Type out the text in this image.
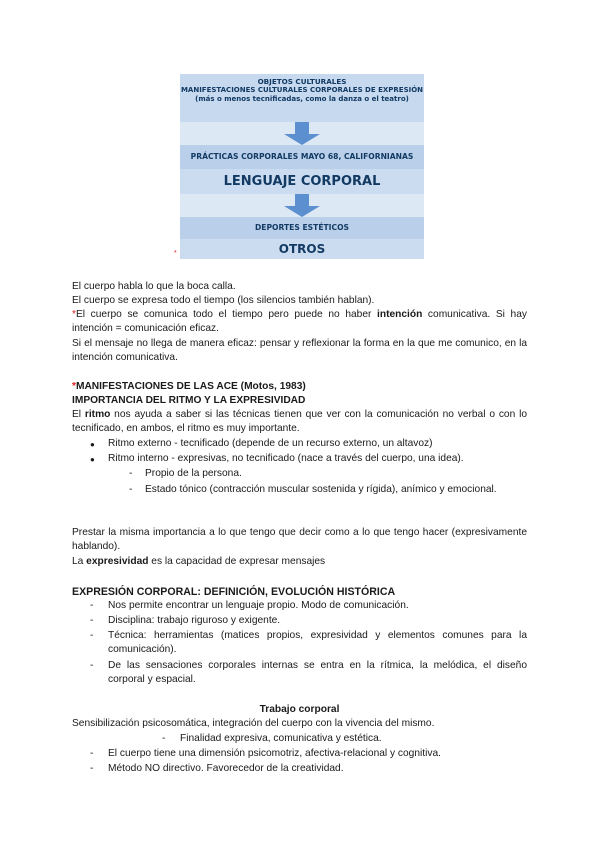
OBJETOS CULTURALES
MANIFESTACIONES CULTURALES CORPORALES DE EXPRESIÓN (más o menos tecnificadas, como la danza o el teatro)
PRÁCTICAS CORPORALES MAYO 68, CALIFORNIANAS
LENGUAJE CORPORAL
DEPORTES ESTÉTICOS
OTROS
*
El cuerpo habla lo que la boca calla.
El cuerpo se expresa todo el tiempo (los silencios también hablan).
*El cuerpo se comunica todo el tiempo pero puede no haber intención comunicativa. Si hay intención = comunicación eficaz.
Si el mensaje no llega de manera eficaz: pensar y reflexionar la forma en la que me comunico, en la intención comunicativa.
*MANIFESTACIONES DE LAS ACE (Motos, 1983)
IMPORTANCIA DEL RITMO Y LA EXPRESIVIDAD
El ritmo nos ayuda a saber si las técnicas tienen que ver con la comunicación no verbal o con lo tecnificado, en ambos, el ritmo es muy importante.
● Ritmo externo - tecnificado (depende de un recurso externo, un altavoz)
● Ritmo interno - expresivas, no tecnificado (nace a través del cuerpo, una idea).
- Propio de la persona.
- Estado tónico (contracción muscular sostenida y rígida), anímico y emocional.
Prestar la misma importancia a lo que tengo que decir como a lo que tengo hacer (expresivamente hablando).
La expresividad es la capacidad de expresar mensajes
EXPRESIÓN CORPORAL: DEFINICIÓN, EVOLUCIÓN HISTÓRICA
- Nos permite encontrar un lenguaje propio. Modo de comunicación.
- Disciplina: trabajo riguroso y exigente.
- Técnica: herramientas (matices propios, expresividad y elementos comunes para la comunicación).
- De las sensaciones corporales internas se entra en la rítmica, la melódica, el diseño corporal y espacial.
Trabajo corporal
Sensibilización psicosomática, integración del cuerpo con la vivencia del mismo.
- Finalidad expresiva, comunicativa y estética.
- El cuerpo tiene una dimensión psicomotriz, afectiva-relacional y cognitiva.
- Método NO directivo. Favorecedor de la creatividad.
